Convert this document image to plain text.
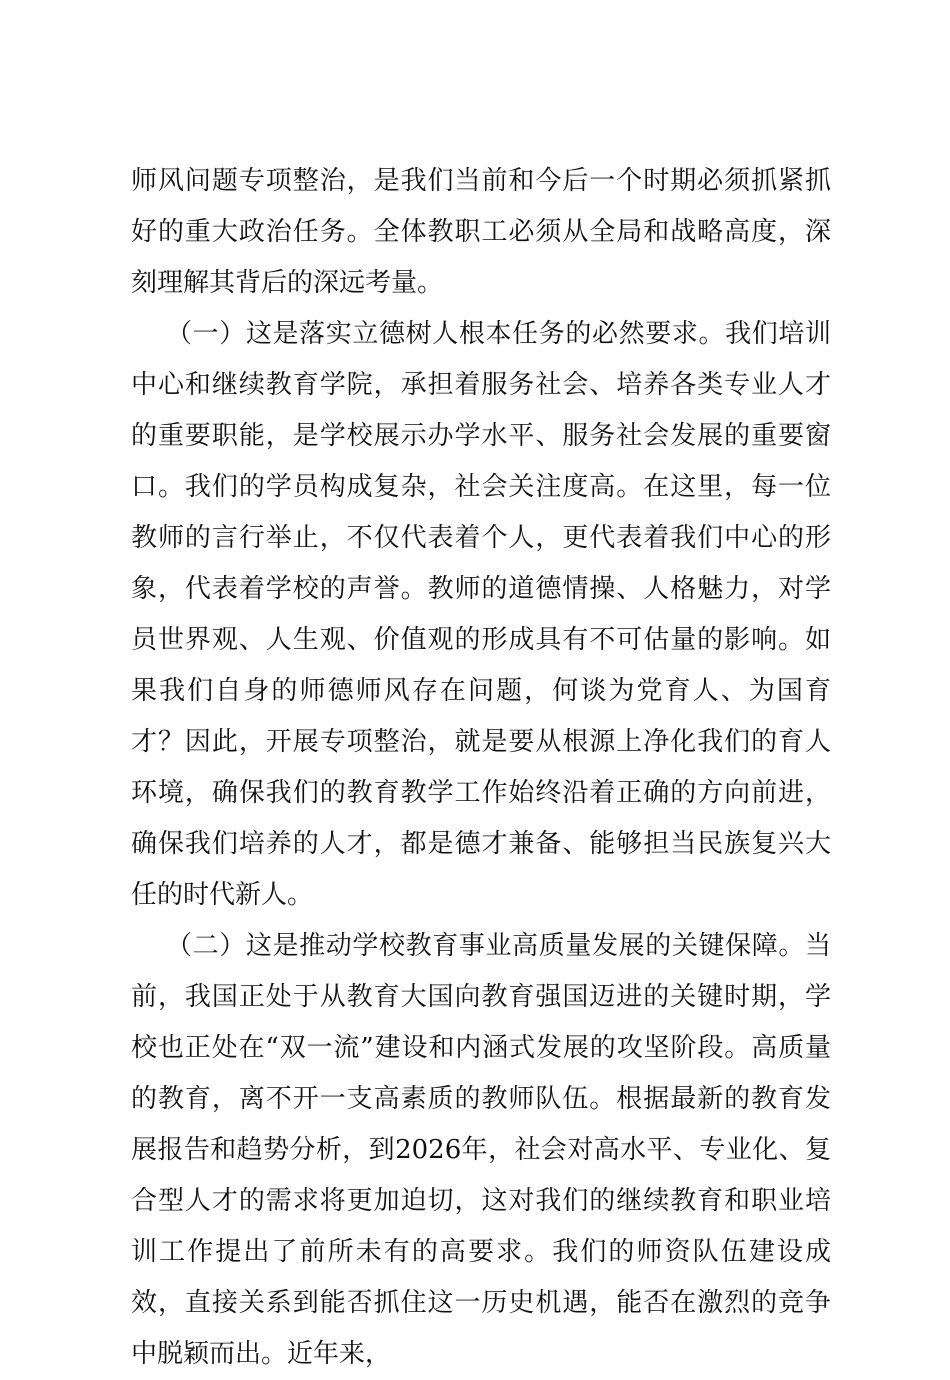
师风问题专项整治，是我们当前和今后一个时期必须抓紧抓好的重大政治任务。全体教职工必须从全局和战略高度，深刻理解其背后的深远考量。

（一）这是落实立德树人根本任务的必然要求。我们培训中心和继续教育学院，承担着服务社会、培养各类专业人才的重要职能，是学校展示办学水平、服务社会发展的重要窗口。我们的学员构成复杂，社会关注度高。在这里，每一位教师的言行举止，不仅代表着个人，更代表着我们中心的形象，代表着学校的声誉。教师的道德情操、人格魅力，对学员世界观、人生观、价值观的形成具有不可估量的影响。如果我们自身的师德师风存在问题，何谈为党育人、为国育才？因此，开展专项整治，就是要从根源上净化我们的育人环境，确保我们的教育教学工作始终沿着正确的方向前进，确保我们培养的人才，都是德才兼备、能够担当民族复兴大任的时代新人。

（二）这是推动学校教育事业高质量发展的关键保障。当前，我国正处于从教育大国向教育强国迈进的关键时期，学校也正处在“双一流”建设和内涵式发展的攻坚阶段。高质量的教育，离不开一支高素质的教师队伍。根据最新的教育发展报告和趋势分析，到2026年，社会对高水平、专业化、复合型人才的需求将更加迫切，这对我们的继续教育和职业培训工作提出了前所未有的高要求。我们的师资队伍建设成效，直接关系到能否抓住这一历史机遇，能否在激烈的竞争中脱颖而出。近年来，
